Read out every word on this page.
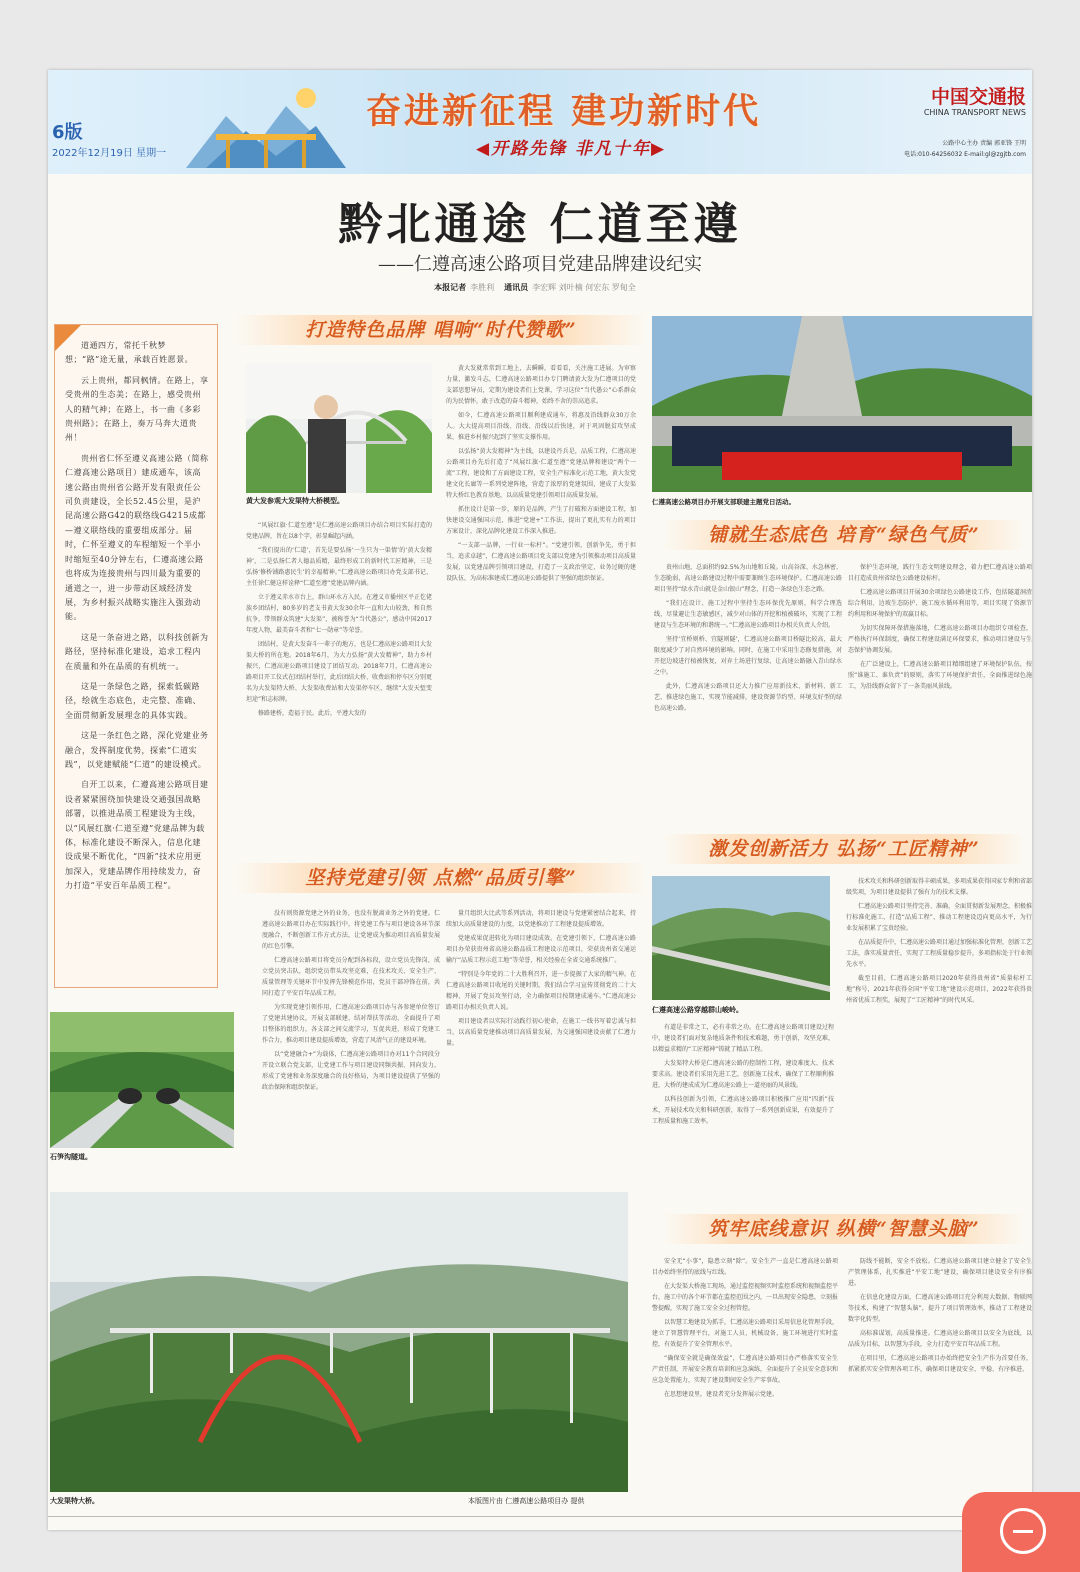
6版
2022年12月19日 星期一
奋进新征程 建功新时代
◀开路先锋 非凡十年▶
中国交通报
CHINA TRANSPORT NEWS
公路中心主办 责编 郭亚锋 王明
电话:010-64256032 E-mail:gl@zgjtb.com
黔北通途 仁道至遵
——仁遵高速公路项目党建品牌建设纪实
本报记者 李胜利 通讯员 李宏辉 刘叶楠 何宏东 罗甸全

道通四方，常托千秋梦想；“路”途无量，承载百姓愿景。

云上贵州，都同枫情。在路上，享受贵州的生态美；在路上，感受贵州人的精气神；在路上，书一曲《多彩贵州路》；在路上，奏万马奔大道贵州！

贵州省仁怀至遵义高速公路（简称仁遵高速公路项目）建成通车，该高速公路由贵州省公路开发有限责任公司负责建设，全长52.45公里，是沪昆高速公路G42的联络线G4215成都—遵义联络线的重要组成部分。届时，仁怀至遵义的车程缩短一个半小时缩短至40分钟左右，仁遵高速公路也将成为连接贵州与四川最为重要的通道之一，进一步带动区域经济发展，为乡村振兴战略实施注入强劲动能。

这是一条奋进之路，以科技创新为路径，坚持标准化建设，追求工程内在质量和外在品质的有机统一。

这是一条绿色之路，探索低碳路径，绘就生态底色，走完整、准确、全面贯彻新发展理念的具体实践。

这是一条红色之路，深化党建业务融合，发挥制度优势，探索“仁道实践”，以党建赋能“仁道”的建设模式。

自开工以来，仁遵高速公路项目建设者紧紧围绕加快建设交通强国战略部署，以推进品质工程建设为主线，以“风展红旗·仁道至遵”党建品牌为载体，标准化建设不断深入，信息化建设成果不断优化，“四新”技术应用更加深入，党建品牌作用持续发力，奋力打造“平安百年品质工程”。

打造特色品牌 唱响“时代赞歌”
黄大发参观大发渠特大桥模型。

“风展红旗·仁道至遵”是仁遵高速公路项目办结合项目实际打造的党建品牌，旨在以8个字，彰显崛起内涵。

“我们提出的‘仁道’，首先是要弘扬‘一生只为一渠情’的‘黄大发精神’，二是弘扬仁者人德品质精，最终形成工的新时代工匠精神，三是弘扬‘修桥铺路惠民生’的幸福精神。”仁遵高速公路项目办党支部书记、主任徐仁健这样诠释“仁道至遵”党建品牌内涵。

立于遵义赤水市台上，群山环水方入民。在遵义市播州区平正仡佬族乡团结村，80多岁的老支书黄大发30余年一直和大山较劲，和自然抗争，带领群众筑建“大发渠”，被称誉为“当代愚公”，感动中国2017年度人物，最美奋斗者和“七一勋章”等荣誉。

团结村，是黄大发奋斗一辈子的地方，也是仁遵高速公路项目大发渠大桥的所在地。2018年6月，为大力弘扬“黄大发精神”，助力乡村振兴，仁遵高速公路项目建设了团结互动。2018年7月，仁遵高速公路项目开工仪式在团结村举行，此后团结大桥、收费站和停车区分别更名为大发渠特大桥、大发渠收费站和大发渠停车区，继续“大发天堑变坦途”和志标牌。

修路建桥，造福于民。此后，平遵大发的

黄大发就常常到工地上，去瞬瞬，看看看，关注施工进展。为审察力量，激发斗志，仁遵高速公路项目办专门聘请黄大发为仁遵项目的党支部思想导员，定期为建设者们上党课，学习这位“当代愚公”心系群众的为民情怀，敢于改造的奋斗精神，始终不舍的崇高追求。

如今，仁遵高速公路项目顺利建成通车，将惠及沿线群众30万余人。大大提高项目沿线、沿线、沿线以后快速，对于巩固脱贫攻坚成果，推进乡村振兴起到了坚实支撑作用。

以弘扬“黄大发精神”为主线，以建设丹兵是，品质工程，仁遵高速公路项目办先后打造了“风展红旗·仁道至遵”党建品牌和建设“两个一流”工程，建设和了方面建设工程，安全生产标准化示范工地，黄大发党建文化长廊等一系列党建阵地，营造了浓厚的党建氛围，建成了大发渠特大桥红色教育基地，以高质量党建引领项目高质量发展。

抓住设计是第一步，原的是品牌，产生了打破和方面建设工程，加快建设交通强国示范，推进“党建+”工作法，提出了更扎实有力的项目方案设计，深化品牌化建设工作深入推进。

“一支部一品牌，一行业一标杆”。“党建引领，创新争先，勇于担当，追求卓越”，仁遵高速公路项目党支部以党建为引领推动项目高质量发展，以党建品牌引领项目建设，打造了一支政治坚定、业务过硬的建设队伍，为高标准建成仁遵高速公路提供了坚强的组织保证。

坚持党建引领 点燃“品质引擎”

没有则资源党建之外的业务，也没有脱离业务之外的党建。仁遵高速公路项目办在实际践行中，将党建工作与项目建设各环节深度融合，不断创新工作方式方法，让党建成为推动项目高质量发展的红色引擎。

仁遵高速公路项目将党员分配到各标段，设立党员先锋岗，成立党员突击队，组织党员带头攻坚克难，在技术攻关、安全生产、质量管理等关键环节中发挥先锋模范作用，党员干部冲锋在前，共同打造了平安百年品质工程。

为实现党建引领作用，仁遵高速公路项目办与各参建单位签订了党建共建协议，开展支部联建、结对帮扶等活动，全面提升了项目整体的组织力，各支部之间交流学习，互促共进，形成了党建工作合力，推动项目建设提质增效，营造了风清气正的建设环境。

以“党建融合+”为载体，仁遵高速公路项目办对11个合同段分开设立联合党支部，让党建工作与项目建设同频共振、同向发力，形成了党建和业务深度融合的良好格局，为项目建设提供了坚强的政治保障和组织保证。

量月组织大比武等系列活动，将项目建设与党建紧密结合起来，持续加大高质量建设的力度，以党建推动了工程建设提质增效。

党建成果促进转化为项目建设成效。在党建引领下，仁遵高速公路项目办荣获贵州省高速公路品质工程建设示范项目，荣获贵州省交通运输厅“品质工程示范工地”等荣誉，相关经验在全省交通系统推广。

“特别是今年党的二十大胜利召开，进一步提振了大家的精气神。在仁遵高速公路项目收尾的关键时期，我们结合学习宣传贯彻党的二十大精神，开展了党员攻坚行动，全力确保项目按期建成通车。”仁遵高速公路项目办相关负责人说。

项目建设者以实际行动践行初心使命，在施工一线书写着忠诚与担当，以高质量党建推动项目高质量发展，为交通强国建设贡献了仁遵力量。

石笋沟隧道。
大发渠特大桥。	本版图片由 仁遵高速公路项目办 提供
仁遵高速公路项目办开展支部联建主题党日活动。
铺就生态底色 培育“绿色气质”

贵州山地，总面积约92.5%为山地和丘陵。山高谷深、水急林密、生态脆弱，高速公路建设过程中需要兼顾生态环境保护。仁遵高速公路项目坚持“绿水青山就是金山银山”理念，打造一条绿色生态之路。

“我们在设计、施工过程中坚持生态环保优先原则，科学合理选线，尽量避让生态敏感区，减少对山体的开挖和植被破坏，实现了工程建设与生态环境的和谐统一。”仁遵高速公路项目办相关负责人介绍。

坚持‘宜桥则桥、宜隧则隧’，仁遵高速公路项目桥隧比较高，最大限度减少了对自然环境的影响。同时，在施工中采用生态修复措施，对开挖边坡进行植被恢复，对弃土场进行复绿，让高速公路融入青山绿水之中。

此外，仁遵高速公路项目还大力推广应用新技术、新材料、新工艺，推进绿色施工，实现节能减排，建设资源节约型、环境友好型的绿色高速公路。

保护生态环境，践行生态文明建设理念，着力把仁遵高速公路项目打造成贵州省绿色公路建设标杆。

仁遵高速公路项目开展30余项绿色公路建设工作，包括隧道洞渣综合利用、边坡生态防护、施工废水循环利用等，项目实现了资源节约利用和环境保护的双赢目标。

为切实保障环保措施落地，仁遵高速公路项目办组织专项检查，严格执行环保制度，确保工程建设满足环保要求，推动项目建设与生态保护协调发展。

在广泛建设上，仁遵高速公路项目精细组建了环境保护队伍，按照“谁施工、谁负责”的原则，落实了环境保护责任，全面推进绿色施工，为沿线群众留下了一条美丽风景线。

激发创新活力 弘扬“工匠精神”
仁遵高速公路穿越群山峻岭。

有道是非常之工，必有非常之功。在仁遵高速公路项目建设过程中，建设者们面对复杂地质条件和技术难题，勇于创新，攻坚克难，以精益求精的“工匠精神”铸就了精品工程。

大发渠特大桥是仁遵高速公路的控制性工程，建设难度大、技术要求高。建设者们采用先进工艺，创新施工技术，确保了工程顺利推进，大桥的建成成为仁遵高速公路上一道亮丽的风景线。

以科技创新为引领，仁遵高速公路项目积极推广应用“四新”技术，开展技术攻关和科研创新，取得了一系列创新成果，有效提升了工程质量和施工效率。

技术攻关和科研创新取得丰硕成果，多项成果获得国家专利和省部级奖项，为项目建设提供了强有力的技术支撑。

仁遵高速公路项目坚持完善、准确、全面贯彻新发展理念，积极推行标准化施工，打造“品质工程”，推动工程建设迈向更高水平，为行业发展积累了宝贵经验。

在品质提升中，仁遵高速公路项目通过加强标准化管理，创新工艺工法，落实质量责任，实现了工程质量稳步提升，多项指标处于行业领先水平。

截至目前，仁遵高速公路项目2020年获得贵州省“质量标杆工地”称号，2021年获得全国“平安工地”建设示范项目，2022年获得贵州省优质工程奖，展现了“工匠精神”的时代风采。

筑牢底线意识 纵横“智慧头脑”

安全无“小事”，隐患立刻“除”。安全生产一直是仁遵高速公路项目办始终坚持的底线与红线。

在大发渠大桥施工现场，通过监控视频实时监控系统和视频监控平台，施工中的各个环节都在监控范围之内，一旦出现安全隐患，立刻报警提醒，实现了施工安全全过程管控。

以智慧工地建设为抓手，仁遵高速公路项目采用信息化管理手段，建立了智慧管理平台，对施工人员、机械设备、施工环境进行实时监控，有效提升了安全管理水平。

“确保安全就是确保效益”，仁遵高速公路项目办严格落实安全生产责任制，开展安全教育培训和应急演练，全面提升了全员安全意识和应急处置能力，实现了建设期间安全生产零事故。

在思想建设里，建设者充分发挥展示党建。

防线不能断，安全不放松。仁遵高速公路项目建立健全了安全生产管理体系，扎实推进“平安工地”建设，确保项目建设安全有序推进。

在信息化建设方面，仁遵高速公路项目充分利用大数据、物联网等技术，构建了“智慧头脑”，提升了项目管理效率，推动了工程建设数字化转型。

高标准谋划，高质量推进。仁遵高速公路项目以安全为底线，以品质为目标，以智慧为手段，全力打造平安百年品质工程。

在项目里，仁遵高速公路项目办始终把安全生产作为首要任务，抓紧抓实安全管理各项工作，确保项目建设安全、平稳、有序推进。
